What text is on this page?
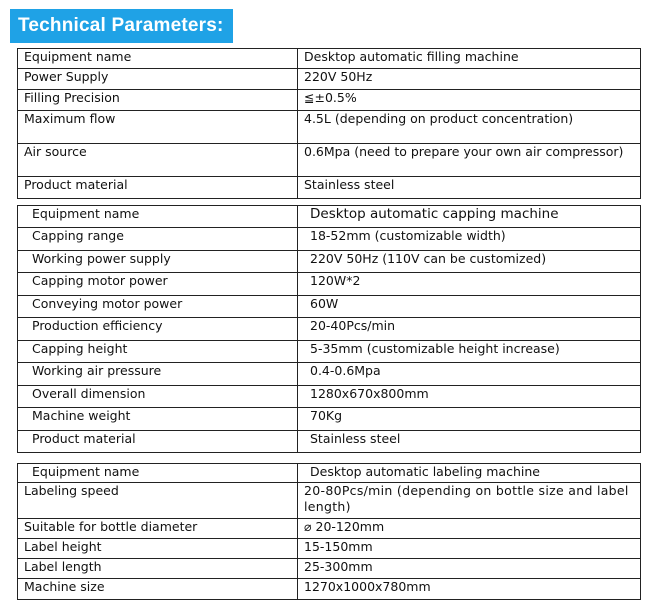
Technical Parameters:
Equipment name	Desktop automatic filling machine
Power Supply	220V 50Hz
Filling Precision	≦±0.5%
Maximum flow	4.5L (depending on product concentration)
Air source	0.6Mpa (need to prepare your own air compressor)
Product material	Stainless steel
Equipment name	Desktop automatic capping machine
Capping range	18-52mm (customizable width)
Working power supply	220V 50Hz (110V can be customized)
Capping motor power	120W*2
Conveying motor power	60W
Production efficiency	20-40Pcs/min
Capping height	5-35mm (customizable height increase)
Working air pressure	0.4-0.6Mpa
Overall dimension	1280x670x800mm
Machine weight	70Kg
Product material	Stainless steel
Equipment name	Desktop automatic labeling machine
Labeling speed	20-80Pcs/min (depending on bottle size and label length)
Suitable for bottle diameter	⌀ 20-120mm
Label height	15-150mm
Label length	25-300mm
Machine size	1270x1000x780mm
